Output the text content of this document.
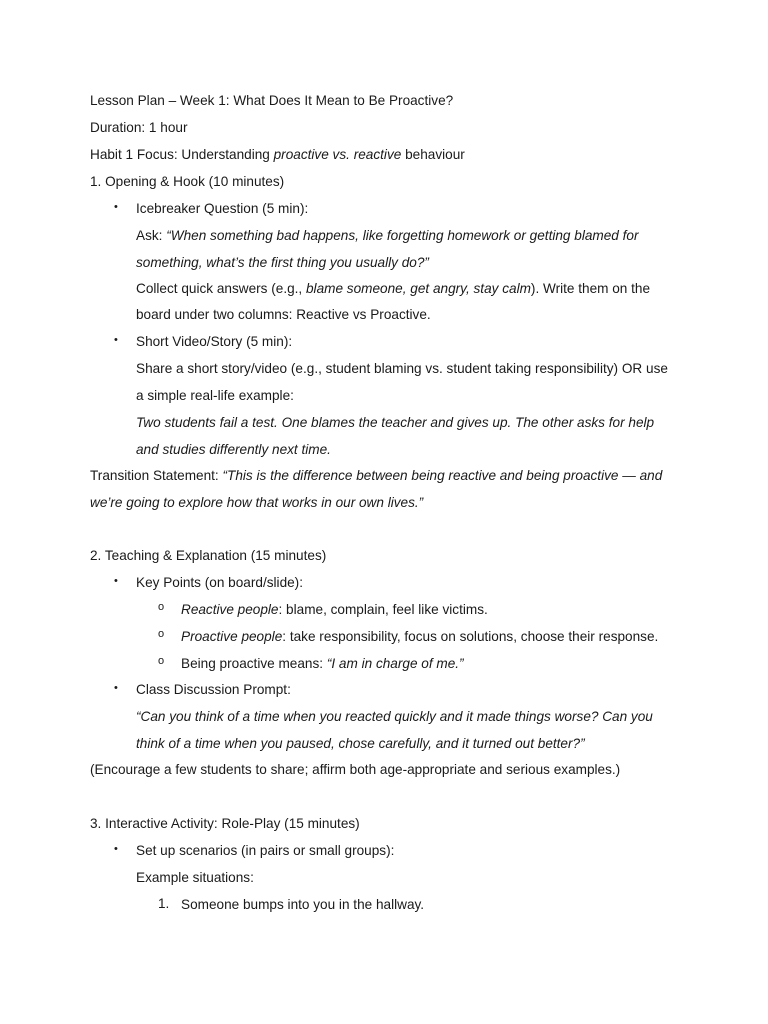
Lesson Plan – Week 1: What Does It Mean to Be Proactive?
Duration: 1 hour
Habit 1 Focus: Understanding proactive vs. reactive behaviour
1. Opening & Hook (10 minutes)
• Icebreaker Question (5 min):
Ask: “When something bad happens, like forgetting homework or getting blamed for
something, what’s the first thing you usually do?”
Collect quick answers (e.g., blame someone, get angry, stay calm). Write them on the
board under two columns: Reactive vs Proactive.
• Short Video/Story (5 min):
Share a short story/video (e.g., student blaming vs. student taking responsibility) OR use
a simple real-life example:
Two students fail a test. One blames the teacher and gives up. The other asks for help
and studies differently next time.
Transition Statement: “This is the difference between being reactive and being proactive — and
we’re going to explore how that works in our own lives.”
2. Teaching & Explanation (15 minutes)
• Key Points (on board/slide):
o Reactive people: blame, complain, feel like victims.
o Proactive people: take responsibility, focus on solutions, choose their response.
o Being proactive means: “I am in charge of me.”
• Class Discussion Prompt:
“Can you think of a time when you reacted quickly and it made things worse? Can you
think of a time when you paused, chose carefully, and it turned out better?”
(Encourage a few students to share; affirm both age-appropriate and serious examples.)
3. Interactive Activity: Role-Play (15 minutes)
• Set up scenarios (in pairs or small groups):
Example situations:
1. Someone bumps into you in the hallway.
